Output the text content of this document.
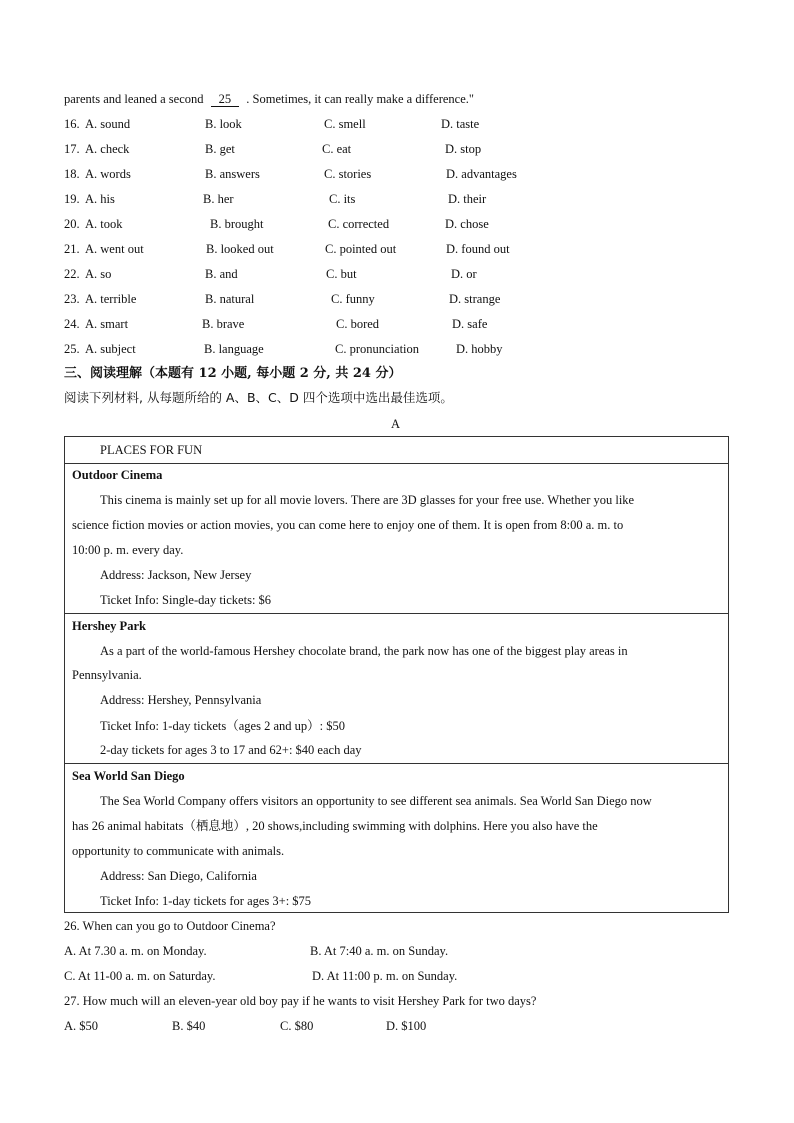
parents and leaned a second 25 . Sometimes, it can really make a difference."
16. A. sound	B. look	C. smell	D. taste
17. A. check	B. get	C. eat	D. stop
18. A. words	B. answers	C. stories	D. advantages
19. A. his	B. her	C. its	D. their
20. A. took	B. brought	C. corrected	D. chose
21. A. went out	B. looked out	C. pointed out	D. found out
22. A. so	B. and	C. but	D. or
23. A. terrible	B. natural	C. funny	D. strange
24. A. smart	B. brave	C. bored	D. safe
25. A. subject	B. language	C. pronunciation	D. hobby
三、阅读理解（本题有 12 小题, 每小题 2 分, 共 24 分）
阅读下列材料, 从每题所给的 A、B、C、D 四个选项中选出最佳选项。
A
PLACES FOR FUN
Outdoor Cinema
This cinema is mainly set up for all movie lovers. There are 3D glasses for your free use. Whether you like
science fiction movies or action movies, you can come here to enjoy one of them. It is open from 8:00 a. m. to
10:00 p. m. every day.
Address: Jackson, New Jersey
Ticket Info: Single-day tickets: $6
Hershey Park
As a part of the world-famous Hershey chocolate brand, the park now has one of the biggest play areas in
Pennsylvania.
Address: Hershey, Pennsylvania
Ticket Info: 1-day tickets（ages 2 and up）: $50
2-day tickets for ages 3 to 17 and 62+: $40 each day
Sea World San Diego
The Sea World Company offers visitors an opportunity to see different sea animals. Sea World San Diego now
has 26 animal habitats（栖息地）, 20 shows,including swimming with dolphins. Here you also have the
opportunity to communicate with animals.
Address: San Diego, California
Ticket Info: 1-day tickets for ages 3+: $75
26. When can you go to Outdoor Cinema?
A. At 7.30 a. m. on Monday.	B. At 7:40 a. m. on Sunday.
C. At 11-00 a. m. on Saturday.	D. At 11:00 p. m. on Sunday.
27. How much will an eleven-year old boy pay if he wants to visit Hershey Park for two days?
A. $50	B. $40	C. $80	D. $100
